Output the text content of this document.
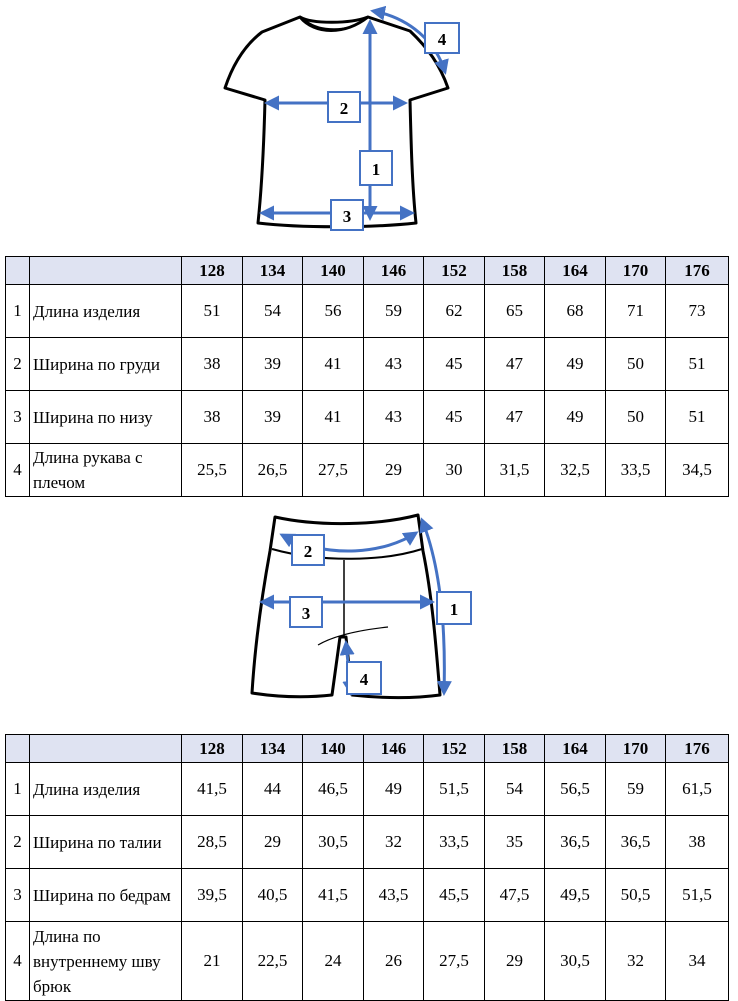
1
2
3
4
		128	134	140	146	152	158	164	170	176
1	Длина изделия	51	54	56	59	62	65	68	71	73
2	Ширина по груди	38	39	41	43	45	47	49	50	51
3	Ширина по низу	38	39	41	43	45	47	49	50	51
4	Длина рукава с плечом	25,5	26,5	27,5	29	30	31,5	32,5	33,5	34,5
1
2
3
4
		128	134	140	146	152	158	164	170	176
1	Длина изделия	41,5	44	46,5	49	51,5	54	56,5	59	61,5
2	Ширина по талии	28,5	29	30,5	32	33,5	35	36,5	36,5	38
3	Ширина по бедрам	39,5	40,5	41,5	43,5	45,5	47,5	49,5	50,5	51,5
4	Длина по внутреннему шву брюк	21	22,5	24	26	27,5	29	30,5	32	34
